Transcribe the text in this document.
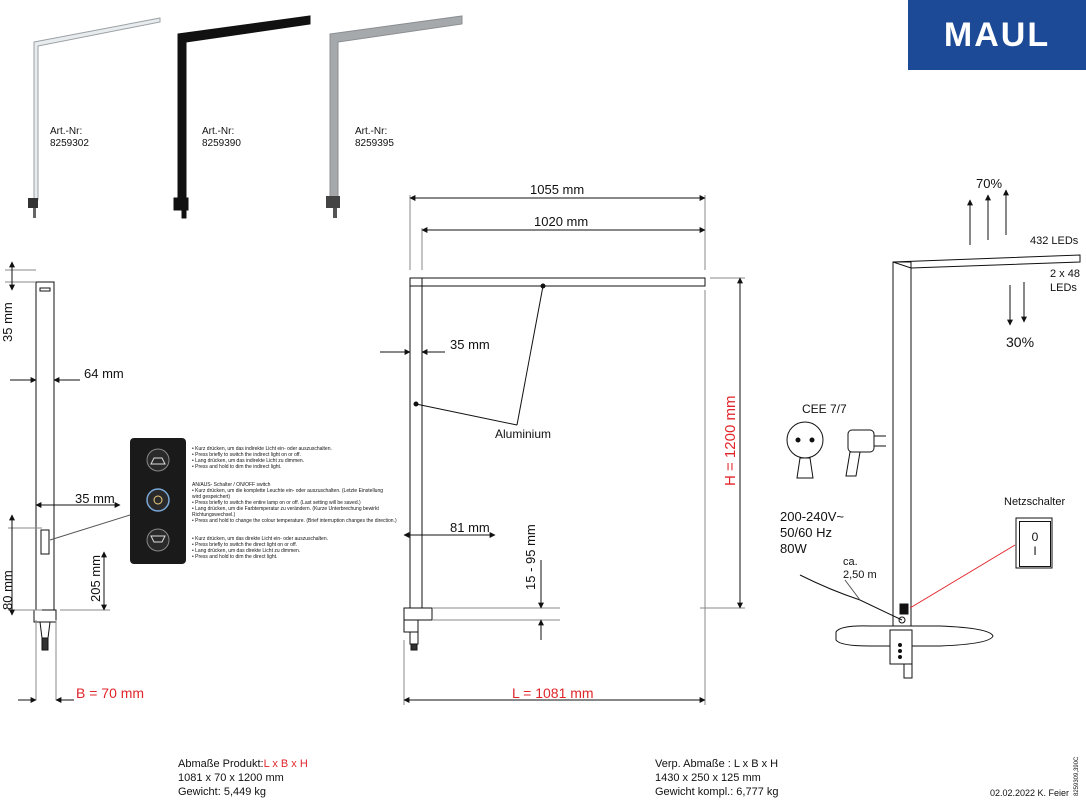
MAUL
Art.-Nr:
8259302
Art.-Nr:
8259390
Art.-Nr:
8259395
35 mm
64 mm
35 mm
80 mm	205 mm
B = 70 mm
• Kurz drücken, um das indirekte Licht ein- oder auszuschalten.
• Press briefly to switch the indirect light on or off.
• Lang drücken, um das indirekte Licht zu dimmen.
• Press and hold to dim the indirect light.
AN/AUS- Schalter / ON/OFF switch
• Kurz drücken, um die komplette Leuchte ein- oder auszuschalten. (Letzte Einstellung
wird gespeichert)
• Press briefly to switch the entire lamp on or off. (Last setting will be saved.)
• Lang drücken, um die Farbtemperatur zu verändern. (Kurze Unterbrechung bewirkt
Richtungswechsel.)
• Press and hold to change the colour temperature. (Brief interruption changes the direction.)
• Kurz drücken, um das direkte Licht ein- oder auszuschalten.
• Press briefly to switch the direct light on or off.
• Lang drücken, um das direkte Licht zu dimmen.
• Press and hold to dim the direct light.
1055 mm
1020 mm
35 mm
Aluminium	H = 1200 mm
81 mm	15 - 95 mm
L = 1081 mm
70%
432 LEDs
2 x 48
LEDs
30%
CEE 7/7
200-240V~
50/60 Hz
80W
ca.
2,50 m
Netzschalter
0
I
Abmaße Produkt:L x B x H
1081 x 70 x 1200 mm
Gewicht: 5,449 kg
Verp. Abmaße : L x B x H
1430 x 250 x 125 mm
Gewicht kompl.: 6,777 kg	02.02.2022 K. Feier 8259309,390C
